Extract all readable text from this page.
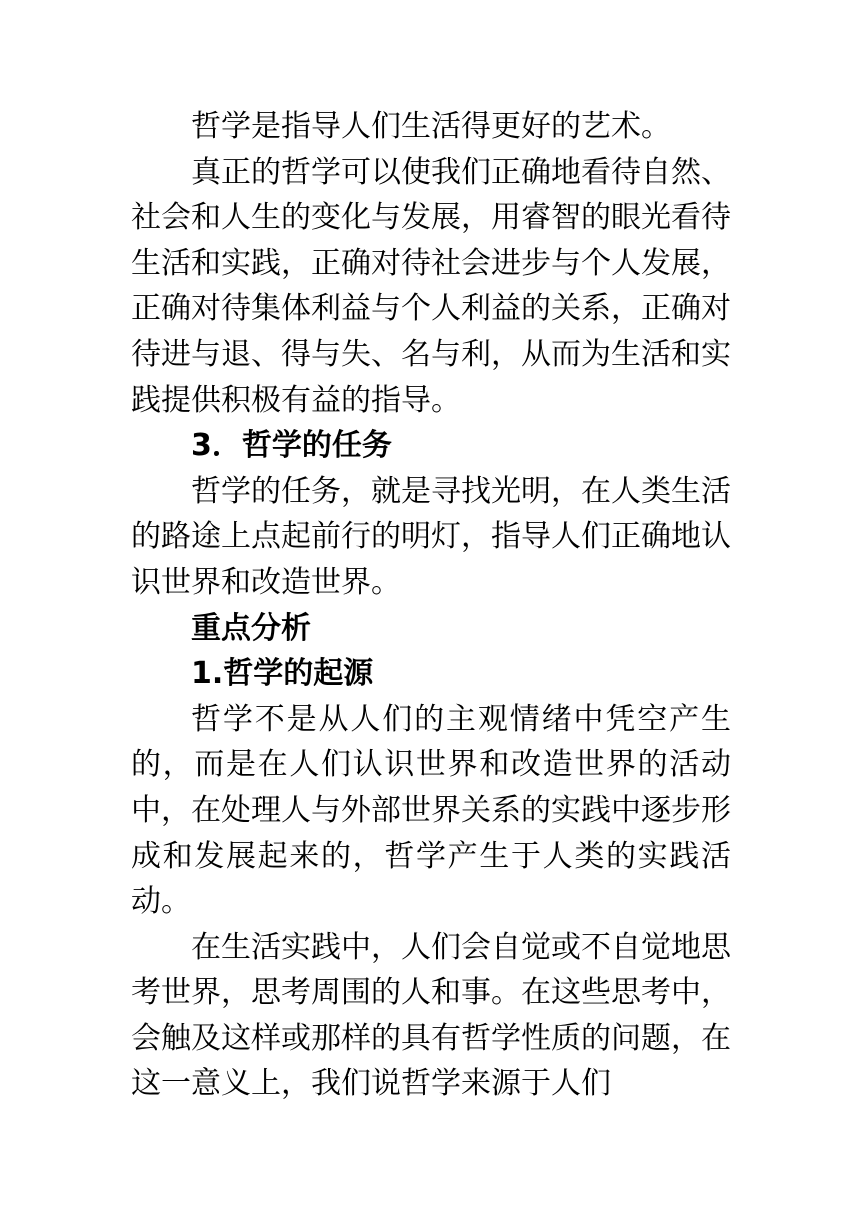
哲学是指导人们生活得更好的艺术。

真正的哲学可以使我们正确地看待自然、社会和人生的变化与发展，用睿智的眼光看待生活和实践，正确对待社会进步与个人发展，正确对待集体利益与个人利益的关系，正确对待进与退、得与失、名与利，从而为生活和实践提供积极有益的指导。

3．哲学的任务

哲学的任务，就是寻找光明，在人类生活的路途上点起前行的明灯，指导人们正确地认识世界和改造世界。

重点分析

1.哲学的起源

哲学不是从人们的主观情绪中凭空产生的，而是在人们认识世界和改造世界的活动中，在处理人与外部世界关系的实践中逐步形成和发展起来的，哲学产生于人类的实践活动。

在生活实践中，人们会自觉或不自觉地思考世界，思考周围的人和事。在这些思考中，会触及这样或那样的具有哲学性质的问题，在这一意义上，我们说哲学来源于人们
